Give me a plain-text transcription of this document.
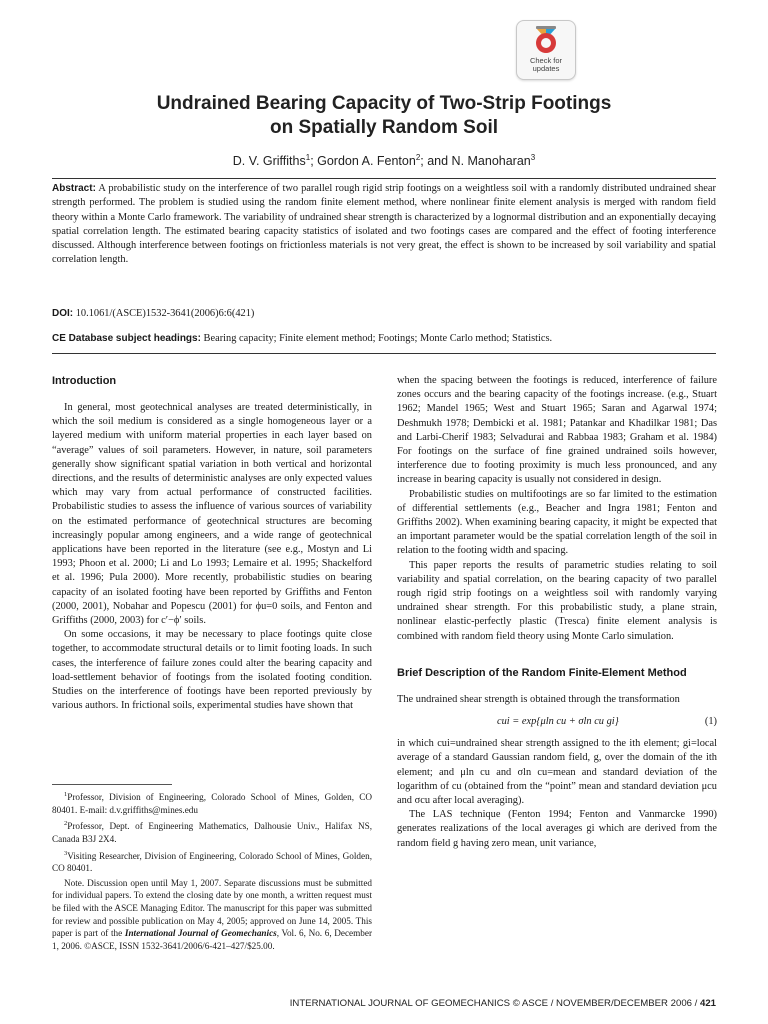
Check for
updates
Undrained Bearing Capacity of Two-Strip Footings
on Spatially Random Soil
D. V. Griffiths$^1$; Gordon A. Fenton$^2$; and N. Manoharan$^3$
Abstract: A probabilistic study on the interference of two parallel rough rigid strip footings on a weightless soil with a randomly distributed undrained shear strength performed. The problem is studied using the random finite element method, where nonlinear finite element analysis is merged with random field theory within a Monte Carlo framework. The variability of undrained shear strength is characterized by a lognormal distribution and an exponentially decaying spatial correlation length. The estimated bearing capacity statistics of isolated and two footings cases are compared and the effect of footing interference discussed. Although interference between footings on frictionless materials is not very great, the effect is shown to be increased by soil variability and spatial correlation length.
DOI: 10.1061/(ASCE)1532-3641(2006)6:6(421)
CE Database subject headings: Bearing capacity; Finite element method; Footings; Monte Carlo method; Statistics.
Introduction

In general, most geotechnical analyses are treated deterministically, in which the soil medium is considered as a single homogeneous layer or a layered medium with uniform material properties in each layer based on “average” values of soil parameters. However, in nature, soil parameters generally show significant spatial variation in both vertical and horizontal directions, and the results of deterministic analyses are only expected values which may vary from actual performance of constructed facilities. Probabilistic studies to assess the influence of various sources of variability on the estimated performance of geotechnical structures are becoming increasingly popular among engineers, and a wide range of geotechnical applications have been reported in the literature (see e.g., Mostyn and Li 1993; Phoon et al. 2000; Li and Lo 1993; Lemaire et al. 1995; Shackelford et al. 1996; Pula 2000). More recently, probabilistic studies on bearing capacity of an isolated footing have been reported by Griffiths and Fenton (2000, 2001), Nobahar and Popescu (2001) for ϕu=0 soils, and Fenton and Griffiths (2000, 2003) for c′−ϕ′ soils.

On some occasions, it may be necessary to place footings quite close together, to accommodate structural details or to limit footing loads. In such cases, the interference of failure zones could alter the bearing capacity and load-settlement behavior of footings from the isolated footing condition. Studies on the interference of footings have been reported previously by various authors. In frictional soils, experimental studies have shown that

$^1$Professor, Division of Engineering, Colorado School of Mines, Golden, CO 80401. E-mail: d.v.griffiths@mines.edu

$^2$Professor, Dept. of Engineering Mathematics, Dalhousie Univ., Halifax NS, Canada B3J 2X4.

$^3$Visiting Researcher, Division of Engineering, Colorado School of Mines, Golden, CO 80401.

Note. Discussion open until May 1, 2007. Separate discussions must be submitted for individual papers. To extend the closing date by one month, a written request must be filed with the ASCE Managing Editor. The manuscript for this paper was submitted for review and possible publication on May 4, 2005; approved on June 14, 2005. This paper is part of the International Journal of Geomechanics, Vol. 6, No. 6, December 1, 2006. ©ASCE, ISSN 1532-3641/2006/6-421–427/$25.00.

when the spacing between the footings is reduced, interference of failure zones occurs and the bearing capacity of the footings increase. (e.g., Stuart 1962; Mandel 1965; West and Stuart 1965; Saran and Agarwal 1974; Deshmukh 1978; Dembicki et al. 1981; Patankar and Khadilkar 1981; Das and Larbi-Cherif 1983; Selvadurai and Rabbaa 1983; Graham et al. 1984) For footings on the surface of fine grained undrained soils however, interference due to footing proximity is much less pronounced, and any increase in bearing capacity is usually not considered in design.

Probabilistic studies on multifootings are so far limited to the estimation of differential settlements (e.g., Beacher and Ingra 1981; Fenton and Griffiths 2002). When examining bearing capacity, it might be expected that an important parameter would be the spatial correlation length of the soil in relation to the footing width and spacing.

This paper reports the results of parametric studies relating to soil variability and spatial correlation, on the bearing capacity of two parallel rough rigid strip footings on a weightless soil with randomly varying undrained shear strength. For this probabilistic study, a plane strain, nonlinear elastic-perfectly plastic (Tresca) finite element analysis is combined with random field theory using Monte Carlo simulation.

Brief Description of the Random Finite-Element Method

The undrained shear strength is obtained through the transformation

cui = exp{μln cu + σln cu gi}	(1)

in which cui=undrained shear strength assigned to the ith element; gi=local average of a standard Gaussian random field, g, over the domain of the ith element; and μln cu and σln cu=mean and standard deviation of the logarithm of cu (obtained from the “point” mean and standard deviation μcu and σcu after local averaging).

The LAS technique (Fenton 1994; Fenton and Vanmarcke 1990) generates realizations of the local averages gi which are derived from the random field g having zero mean, unit variance,

INTERNATIONAL JOURNAL OF GEOMECHANICS © ASCE / NOVEMBER/DECEMBER 2006 / 421
